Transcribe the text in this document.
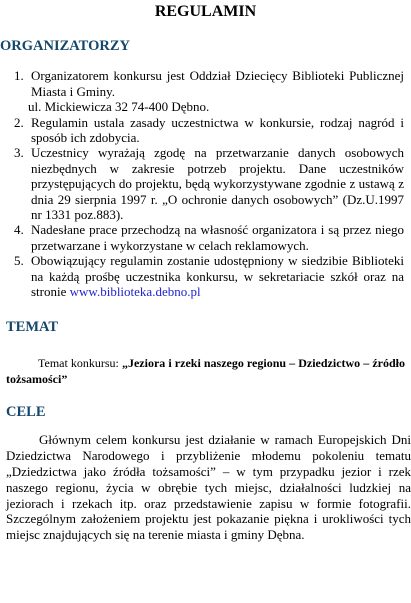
REGULAMIN
ORGANIZATORZY
1. Organizatorem konkursu jest Oddział Dziecięcy Biblioteki Publicznej Miasta i Gminy.
ul. Mickiewicza 32 74-400 Dębno.
2. Regulamin ustala zasady uczestnictwa w konkursie, rodzaj nagród i sposób ich zdobycia.
3. Uczestnicy wyrażają zgodę na przetwarzanie danych osobowych niezbędnych w zakresie potrzeb projektu. Dane uczestników przystępujących do projektu, będą wykorzystywane zgodnie z ustawą z dnia 29 sierpnia 1997 r. „O ochronie danych osobowych” (Dz.U.1997 nr 1331 poz.883).
4. Nadesłane prace przechodzą na własność organizatora i są przez niego przetwarzane i wykorzystane w celach reklamowych.
5. Obowiązujący regulamin zostanie udostępniony w siedzibie Biblioteki na każdą prośbę uczestnika konkursu, w sekretariacie szkół oraz na stronie www.biblioteka.debno.pl
TEMAT

Temat konkursu: „Jeziora i rzeki naszego regionu – Dziedzictwo – źródło tożsamości”

CELE

Głównym celem konkursu jest działanie w ramach Europejskich Dni Dziedzictwa Narodowego i przybliżenie młodemu pokoleniu tematu „Dziedzictwa jako źródła tożsamości” – w tym przypadku jezior i rzek naszego regionu, życia w obrębie tych miejsc, działalności ludzkiej na jeziorach i rzekach itp. oraz przedstawienie zapisu w formie fotografii. Szczególnym założeniem projektu jest pokazanie piękna i urokliwości tych miejsc znajdujących się na terenie miasta i gminy Dębna.
